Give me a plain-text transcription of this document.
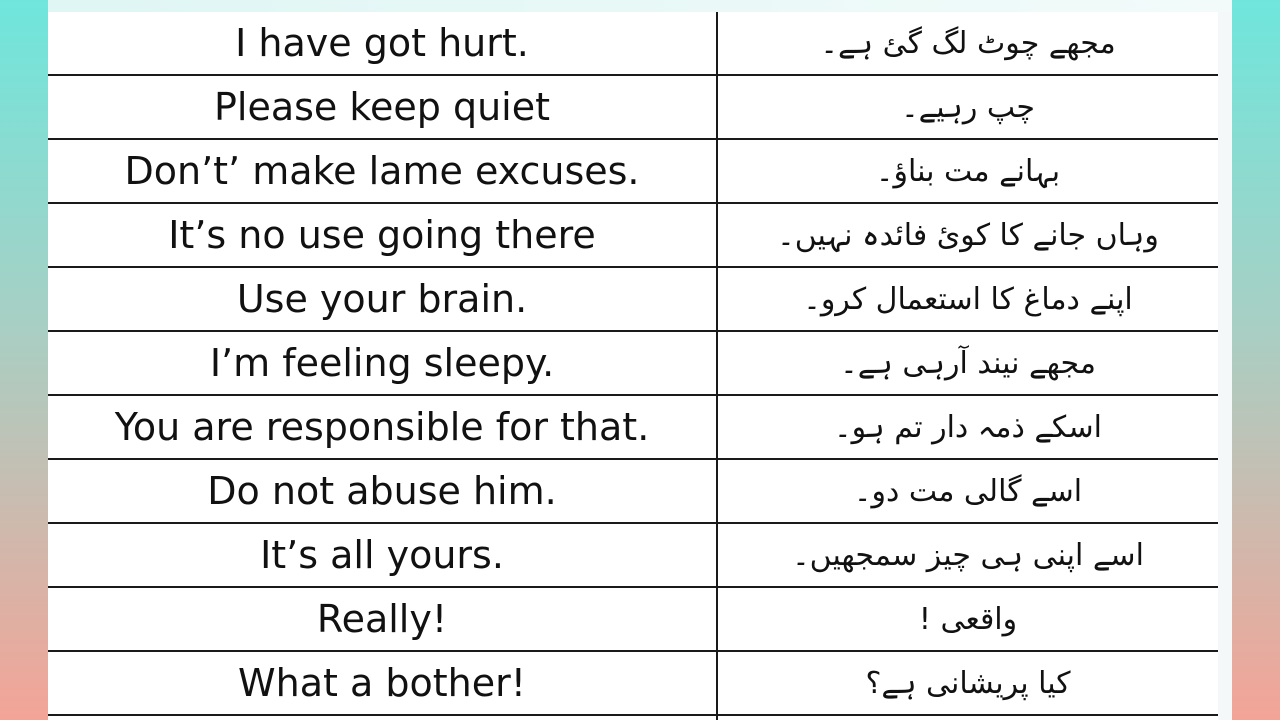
I have got hurt.	مجھے چوٹ لگ گئ ہے۔
Please keep quiet	چپ رہیے۔
Don’t’ make lame excuses.	بہانے مت بناؤ۔
It’s no use going there	وہاں جانے کا کوئ فائدہ نہیں۔
Use your brain.	اپنے دماغ کا استعمال کرو۔
I’m feeling sleepy.	مجھے نیند آرہی ہے۔
You are responsible for that.	اسکے ذمہ دار تم ہو۔
Do not abuse him.	اسے گالی مت دو۔
It’s all yours.	اسے اپنی ہی چیز سمجھیں۔
Really!	واقعی !
What a bother!	کیا پریشانی ہے؟
